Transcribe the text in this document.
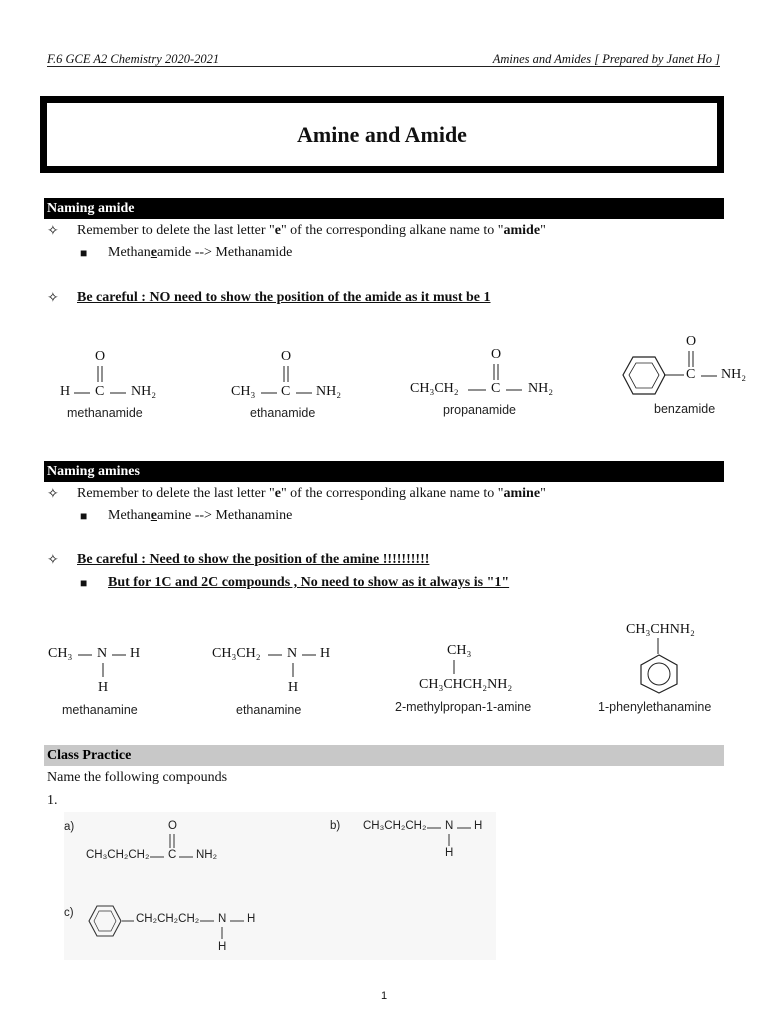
F.6 GCE A2 Chemistry 2020-2021	Amines and Amides [ Prepared by Janet Ho ]
Amine and Amide
Naming amide
✧ Remember to delete the last letter "e" of the corresponding alkane name to "amide"
■ Methaneamide --> Methanamide
✧ Be careful : NO need to show the position of the amide as it must be 1
O
H C NH₂
methanamide
O
CH₃ C NH₂
ethanamide
O
CH₃CH₂ C NH₂
propanamide
O
C NH₂
benzamide
Naming amines
✧ Remember to delete the last letter "e" of the corresponding alkane name to "amine"
■ Methaneamine --> Methanamine
✧ Be careful : Need to show the position of the amine !!!!!!!!!!
■ But for 1C and 2C compounds , No need to show as it always is "1"
CH₃ N H
H
methanamine
CH₃CH₂ N H
H
ethanamine
CH₃
CH₃CHCH₂NH₂
2-methylpropan-1-amine
CH₃CHNH₂
1-phenylethanamine
Class Practice
Name the following compounds
1.
a)	O
CH₃CH₂CH₂ C NH₂
b) CH₃CH₂CH₂ N H
H
c)	CH₂CH₂CH₂ N H
H
1
